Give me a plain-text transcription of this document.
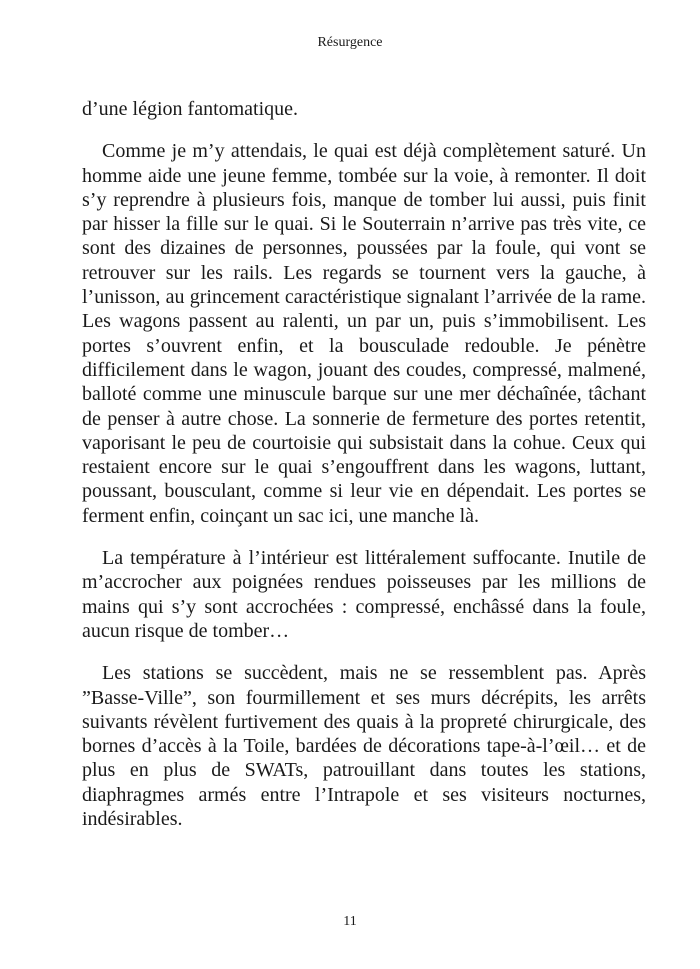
Résurgence

d’une légion fantomatique.

Comme je m’y attendais, le quai est déjà complètement saturé. Un homme aide une jeune femme, tombée sur la voie, à remonter. Il doit s’y reprendre à plusieurs fois, manque de tomber lui aussi, puis finit par hisser la fille sur le quai. Si le Souterrain n’arrive pas très vite, ce sont des dizaines de personnes, poussées par la foule, qui vont se retrouver sur les rails. Les regards se tournent vers la gauche, à l’unisson, au grincement caractéristique signalant l’arrivée de la rame. Les wagons passent au ralenti, un par un, puis s’immobilisent. Les portes s’ouvrent enfin, et la bousculade redouble. Je pénètre difficilement dans le wagon, jouant des coudes, compressé, malmené, balloté comme une minuscule barque sur une mer déchaînée, tâchant de penser à autre chose. La sonnerie de fermeture des portes retentit, vaporisant le peu de courtoisie qui subsistait dans la cohue. Ceux qui restaient encore sur le quai s’engouffrent dans les wagons, luttant, poussant, bousculant, comme si leur vie en dépendait. Les portes se ferment enfin, coinçant un sac ici, une manche là.

La température à l’intérieur est littéralement suffocante. Inutile de m’accrocher aux poignées rendues poisseuses par les millions de mains qui s’y sont accrochées : compressé, enchâssé dans la foule, aucun risque de tomber…

Les stations se succèdent, mais ne se ressemblent pas. Après ”Basse-Ville”, son fourmillement et ses murs décrépits, les arrêts suivants révèlent furtivement des quais à la propreté chirurgicale, des bornes d’accès à la Toile, bardées de décorations tape-à-l’œil… et de plus en plus de SWATs, patrouillant dans toutes les stations, diaphragmes armés entre l’Intrapole et ses visiteurs nocturnes, indésirables.

11
